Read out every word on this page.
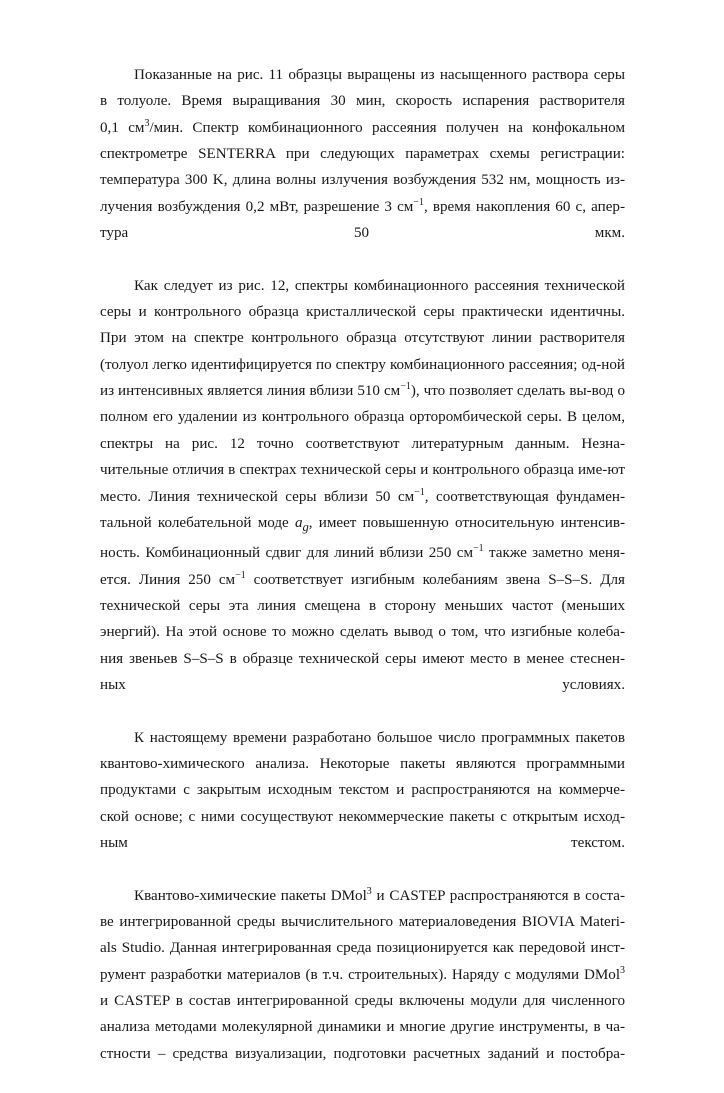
Показанные на рис. 11 образцы выращены из насыщенного раствора серы в толуоле. Время выращивания 30 мин, скорость испарения растворителя 0,1 $см^3$/мин. Спектр комбинационного рассеяния получен на конфокальном спектрометре SENTERRA при следующих параметрах схемы регистрации: температура 300 K, длина волны излучения возбуждения 532 нм, мощность из-лучения возбуждения 0,2 мВт, разрешение 3 $см^{-1}$, время накопления 60 с, апер-тура 50 мкм.

Как следует из рис. 12, спектры комбинационного рассеяния технической серы и контрольного образца кристаллической серы практически идентичны. При этом на спектре контрольного образца отсутствуют линии растворителя (толуол легко идентифицируется по спектру комбинационного рассеяния; од-ной из интенсивных является линия вблизи 510 $см^{-1}$), что позволяет сделать вы-вод о полном его удалении из контрольного образца орторомбической серы. В целом, спектры на рис. 12 точно соответствуют литературным данным. Незна-чительные отличия в спектрах технической серы и контрольного образца име-ют место. Линия технической серы вблизи 50 $см^{-1}$, соответствующая фундамен-тальной колебательной моде $a_g$, имеет повышенную относительную интенсив-ность. Комбинационный сдвиг для линий вблизи 250 $см^{-1}$ также заметно меня-ется. Линия 250 $см^{-1}$ соответствует изгибным колебаниям звена S–S–S. Для технической серы эта линия смещена в сторону меньших частот (меньших энергий). На этой основе то можно сделать вывод о том, что изгибные колеба-ния звеньев S–S–S в образце технической серы имеют место в менее стеснен-ных условиях.

К настоящему времени разработано большое число программных пакетов квантово-химического анализа. Некоторые пакеты являются программными продуктами с закрытым исходным текстом и распространяются на коммерче-ской основе; с ними сосуществуют некоммерческие пакеты с открытым исход-ным текстом.

Квантово-химические пакеты DMol$^3$ и CASTEP распространяются в соста-ве интегрированной среды вычислительного материаловедения BIOVIA Materi-als Studio. Данная интегрированная среда позиционируется как передовой инст-румент разработки материалов (в т.ч. строительных). Наряду с модулями DMol$^3$ и CASTEP в состав интегрированной среды включены модули для численного анализа методами молекулярной динамики и многие другие инструменты, в ча-стности – средства визуализации, подготовки расчетных заданий и постобра-
